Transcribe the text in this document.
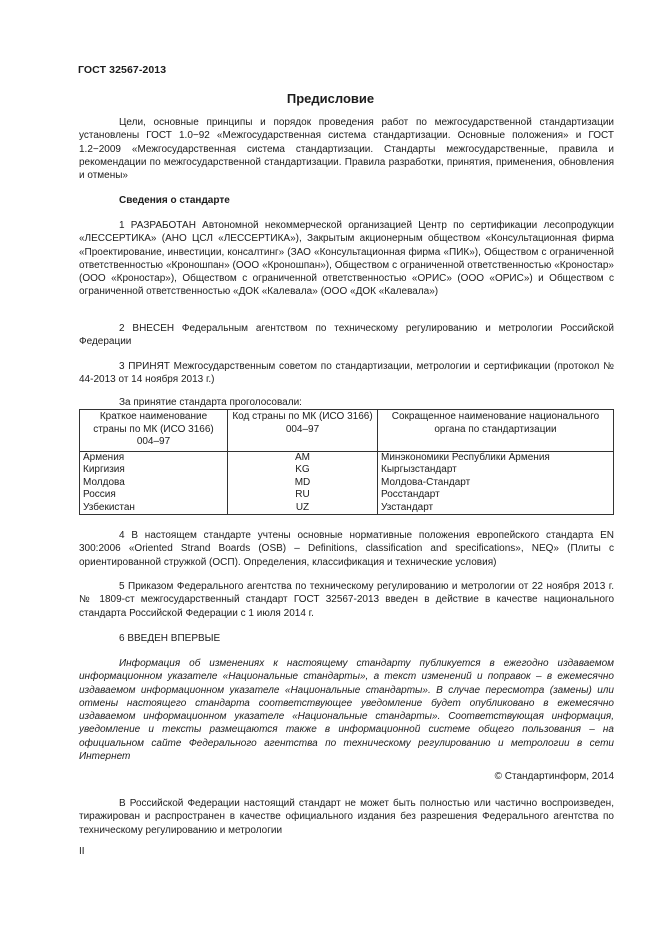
ГОСТ 32567-2013
Предисловие

Цели, основные принципы и порядок проведения работ по межгосударственной стандартизации установлены ГОСТ 1.0−92 «Межгосударственная система стандартизации. Основные положения» и ГОСТ 1.2−2009 «Межгосударственная система стандартизации. Стандарты межгосударственные, правила и рекомендации по межгосударственной стандартизации. Правила разработки, принятия, применения, обновления и отмены»

Сведения о стандарте

1 РАЗРАБОТАН Автономной некоммерческой организацией Центр по сертификации лесопродукции «ЛЕССЕРТИКА» (АНО ЦСЛ «ЛЕССЕРТИКА»), Закрытым акционерным обществом «Консультационная фирма «Проектирование, инвестиции, консалтинг» (ЗАО «Консультационная фирма «ПИК»), Обществом с ограниченной ответственностью «Кроношпан» (ООО «Кроношпан»), Обществом с ограниченной ответственностью «Кроностар» (ООО «Кроностар»), Обществом с ограниченной ответственностью «ОРИС» (ООО «ОРИС») и Обществом с ограниченной ответственностью «ДОК «Калевала» (ООО «ДОК «Калевала»)

2 ВНЕСЕН Федеральным агентством по техническому регулированию и метрологии Российской Федерации

3 ПРИНЯТ Межгосударственным советом по стандартизации, метрологии и сертификации (протокол № 44-2013 от 14 ноября 2013 г.)

За принятие стандарта проголосовали:
Краткое наименование страны по МК (ИСО 3166) 004–97	Код страны по МК (ИСО 3166) 004–97	Сокращенное наименование национального органа по стандартизации
Армения	AM	Минэкономики Республики Армения
Киргизия	KG	Кыргызстандарт
Молдова	MD	Молдова-Стандарт
Россия	RU	Росстандарт
Узбекистан	UZ	Узстандарт

4 В настоящем стандарте учтены основные нормативные положения европейского стандарта EN 300:2006 «Oriented Strand Boards (OSB) – Definitions, classification and specifications», NEQ» (Плиты с ориентированной стружкой (ОСП). Определения, классификация и технические условия)

5 Приказом Федерального агентства по техническому регулированию и метрологии от 22 ноября 2013 г. № 1809-ст межгосударственный стандарт ГОСТ 32567-2013 введен в действие в качестве национального стандарта Российской Федерации с 1 июля 2014 г.

6 ВВЕДЕН ВПЕРВЫЕ

Информация об изменениях к настоящему стандарту публикуется в ежегодно издаваемом информационном указателе «Национальные стандарты», а текст изменений и поправок – в ежемесячно издаваемом информационном указателе «Национальные стандарты». В случае пересмотра (замены) или отмены настоящего стандарта соответствующее уведомление будет опубликовано в ежемесячно издаваемом информационном указателе «Национальные стандарты». Соответствующая информация, уведомление и тексты размещаются также в информационной системе общего пользования – на официальном сайте Федерального агентства по техническому регулированию и метрологии в сети Интернет

© Стандартинформ, 2014

В Российской Федерации настоящий стандарт не может быть полностью или частично воспроизведен, тиражирован и распространен в качестве официального издания без разрешения Федерального агентства по техническому регулированию и метрологии

II
